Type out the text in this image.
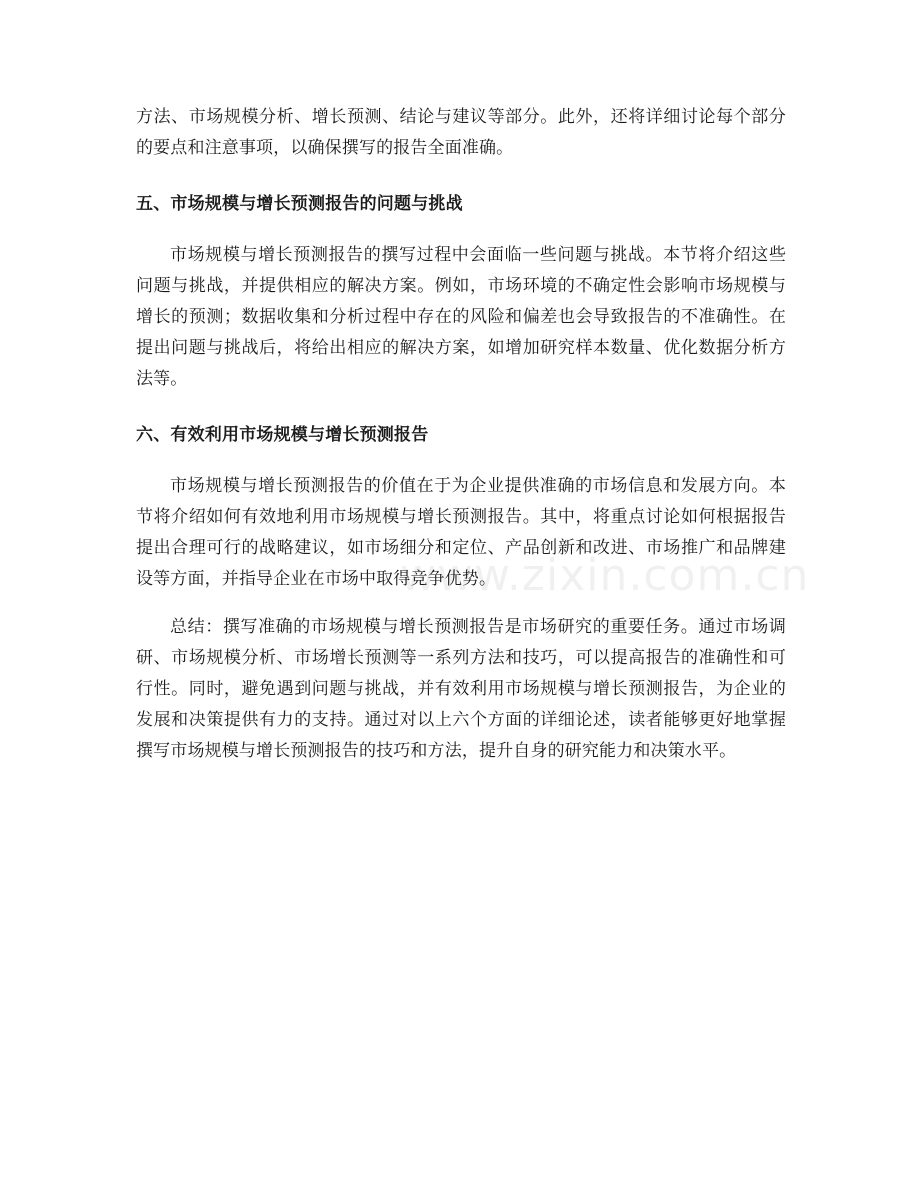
www.zixin.com.cn

方法、市场规模分析、增长预测、结论与建议等部分。此外，还将详细讨论每个部分的要点和注意事项，以确保撰写的报告全面准确。

五、市场规模与增长预测报告的问题与挑战

市场规模与增长预测报告的撰写过程中会面临一些问题与挑战。本节将介绍这些问题与挑战，并提供相应的解决方案。例如，市场环境的不确定性会影响市场规模与增长的预测；数据收集和分析过程中存在的风险和偏差也会导致报告的不准确性。在提出问题与挑战后，将给出相应的解决方案，如增加研究样本数量、优化数据分析方法等。

六、有效利用市场规模与增长预测报告

市场规模与增长预测报告的价值在于为企业提供准确的市场信息和发展方向。本节将介绍如何有效地利用市场规模与增长预测报告。其中，将重点讨论如何根据报告提出合理可行的战略建议，如市场细分和定位、产品创新和改进、市场推广和品牌建设等方面，并指导企业在市场中取得竞争优势。

总结：撰写准确的市场规模与增长预测报告是市场研究的重要任务。通过市场调研、市场规模分析、市场增长预测等一系列方法和技巧，可以提高报告的准确性和可行性。同时，避免遇到问题与挑战，并有效利用市场规模与增长预测报告，为企业的发展和决策提供有力的支持。通过对以上六个方面的详细论述，读者能够更好地掌握撰写市场规模与增长预测报告的技巧和方法，提升自身的研究能力和决策水平。
